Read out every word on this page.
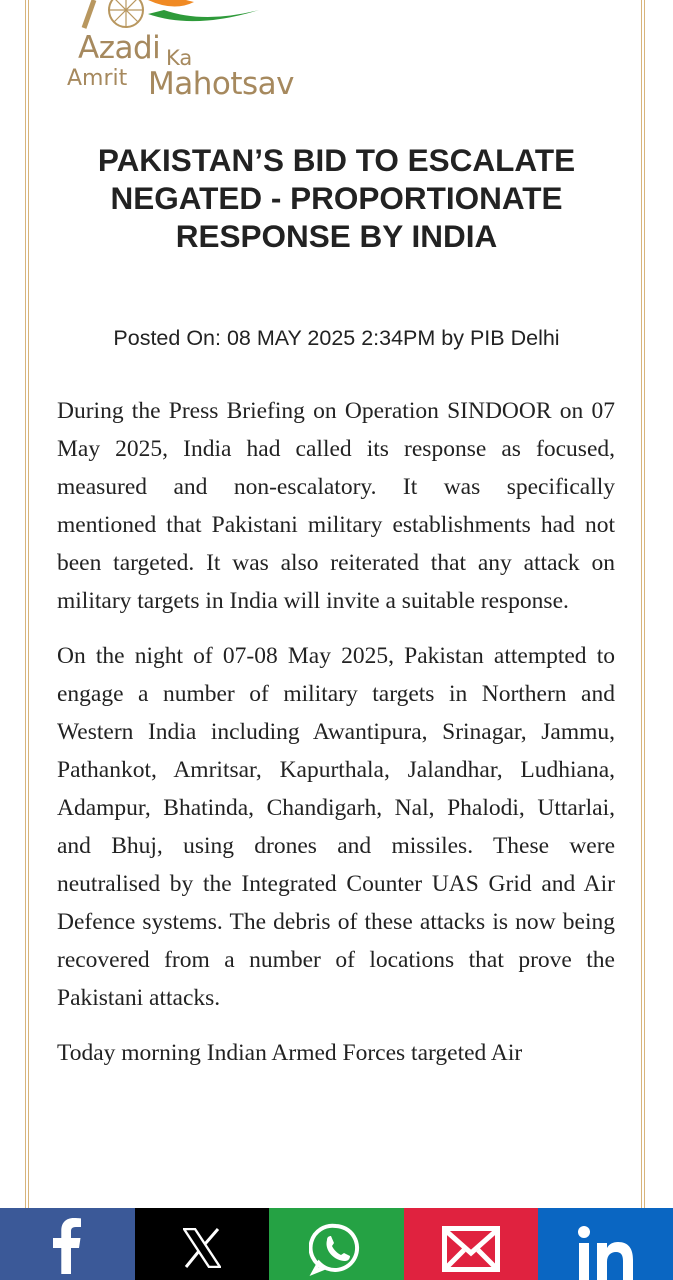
Azadi Ka
Amrit Mahotsav
PAKISTAN’S BID TO ESCALATE NEGATED - PROPORTIONATE RESPONSE BY INDIA
Posted On: 08 MAY 2025 2:34PM by PIB Delhi

During the Press Briefing on Operation SINDOOR on 07 May 2025, India had called its response as focused, measured and non-escalatory. It was specifically mentioned that Pakistani military establishments had not been targeted. It was also reiterated that any attack on military targets in India will invite a suitable response.

On the night of 07-08 May 2025, Pakistan attempted to engage a number of military targets in Northern and Western India including Awantipura, Srinagar, Jammu, Pathankot, Amritsar, Kapurthala, Jalandhar, Ludhiana, Adampur, Bhatinda, Chandigarh, Nal, Phalodi, Uttarlai, and Bhuj, using drones and missiles. These were neutralised by the Integrated Counter UAS Grid and Air Defence systems. The debris of these attacks is now being recovered from a number of locations that prove the Pakistani attacks.

Today morning Indian Armed Forces targeted Air
